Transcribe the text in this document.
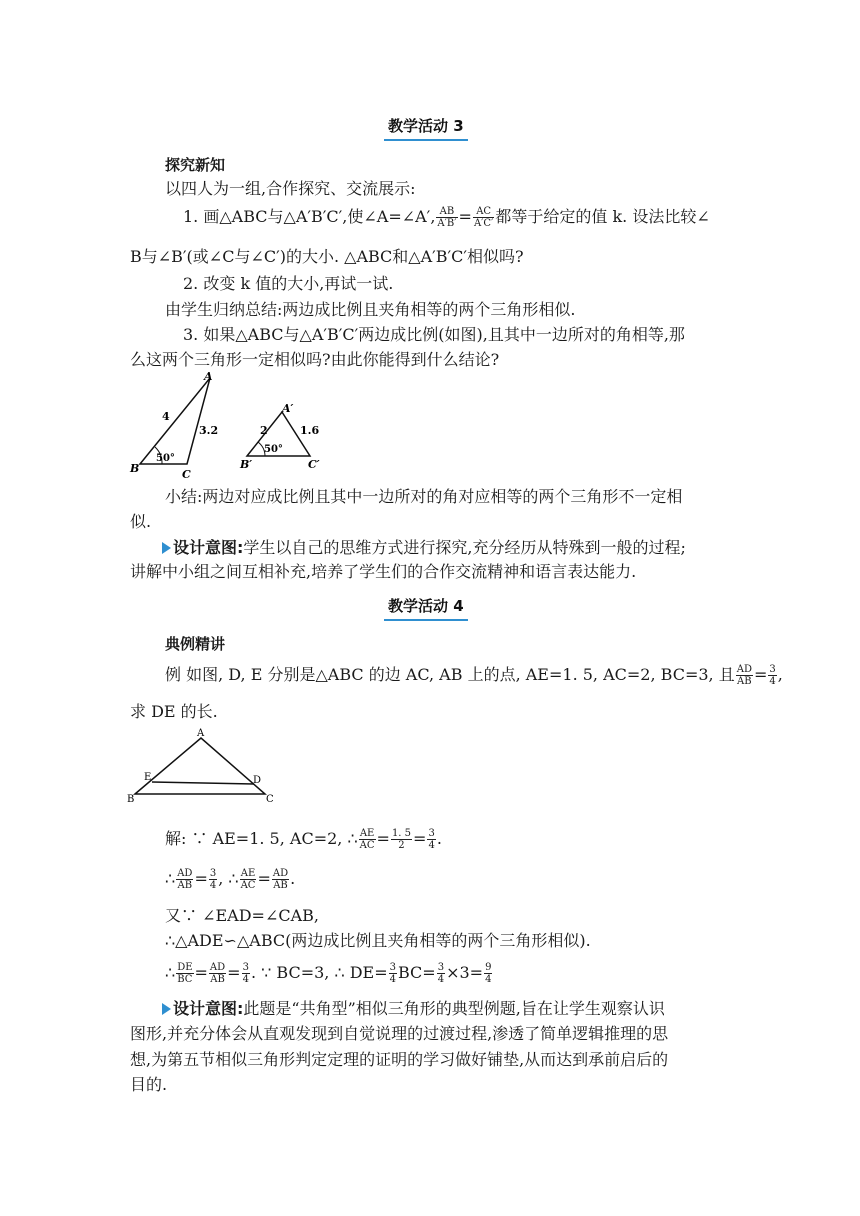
教学活动 3
探究新知
以四人为一组,合作探究、交流展示:
1. 画△ABC与△A′B′C′,使∠A=∠A′, $\frac{AB}{A'B'} = \frac{AC}{A'C'}$ 都等于给定的值 k. 设法比较∠
B与∠B′(或∠C与∠C′)的大小. △ABC和△A′B′C′相似吗?
2. 改变 k 值的大小,再试一试.
由学生归纳总结:两边成比例且夹角相等的两个三角形相似.
3. 如果△ABC与△A′B′C′两边成比例(如图),且其中一边所对的角相等,那
么这两个三角形一定相似吗?由此你能得到什么结论?
A
B	C
4
3.2
50°
A′
B′	C′
2	1.6
50°
小结:两边对应成比例且其中一边所对的角对应相等的两个三角形不一定相
似.
设计意图:学生以自己的思维方式进行探究,充分经历从特殊到一般的过程;
讲解中小组之间互相补充,培养了学生们的合作交流精神和语言表达能力.
教学活动 4
典例精讲
例 如图, D, E 分别是△ABC 的边 AC, AB 上的点, AE=1. 5, AC=2, BC=3, 且 $\frac{AD}{AB} = \frac{3}{4}$ ,
求 DE 的长.
A
B	C
D
E
解: ∵ AE=1. 5, AC=2, ∴ $\frac{AE}{AC} = \frac{1. 5}{2} = \frac{3}{4}$ .
∴ $\frac{AD}{AB} = \frac{3}{4}$ , ∴ $\frac{AE}{AC} = \frac{AD}{AB}$ .
又∵ ∠EAD=∠CAB,
∴△ADE∽△ABC(两边成比例且夹角相等的两个三角形相似).
∴ $\frac{DE}{BC} = \frac{AD}{AB} = \frac{3}{4}$ . ∵ BC=3, ∴ $DE= \frac{3}{4} BC= \frac{3}{4} \times 3= \frac{9}{4}$
设计意图:此题是“共角型”相似三角形的典型例题,旨在让学生观察认识
图形,并充分体会从直观发现到自觉说理的过渡过程,渗透了简单逻辑推理的思
想,为第五节相似三角形判定定理的证明的学习做好铺垫,从而达到承前启后的
目的.
